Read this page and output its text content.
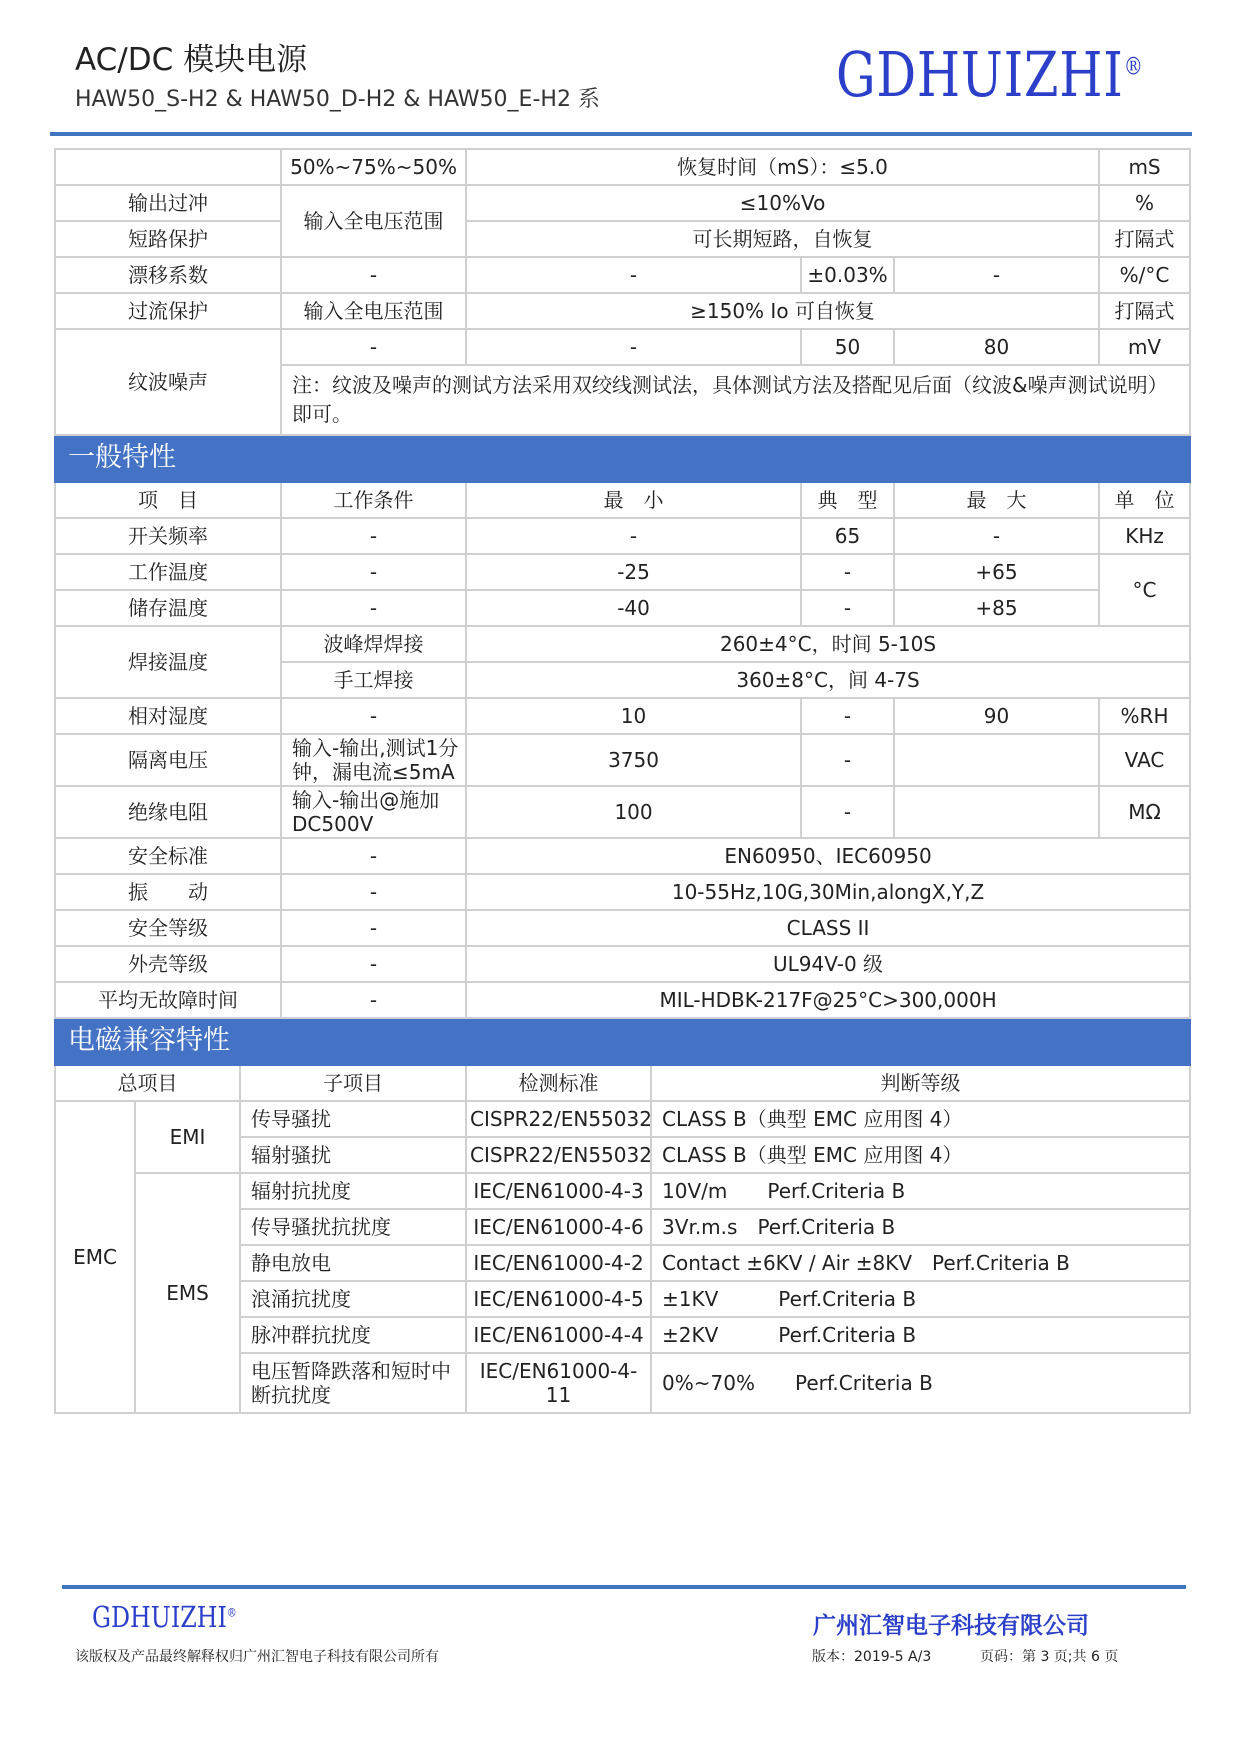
AC/DC 模块电源
HAW50_S-H2 & HAW50_D-H2 & HAW50_E-H2 系	GDHUIZHI®
			50%~75%~50%	恢复时间（mS）：≤5.0				mS
输出过冲			输入全电压范围	≤10%Vo				%
短路保护				可长期短路，自恢复				打隔式
漂移系数			-	-		±0.03%	-	%/°C
过流保护			输入全电压范围	≥150% Io 可自恢复				打隔式
纹波噪声			-	-		50	80	mV
			注：纹波及噪声的测试方法采用双绞线测试法，具体测试方法及搭配见后面（纹波&噪声测试说明）即可。					
一般特性								
项　目			工作条件	最　小		典　型	最　大	单　位
开关频率			-	-		65	-	KHz
工作温度			-	-25		-	+65	°C
储存温度			-	-40		-	+85	
焊接温度			波峰焊焊接	260±4°C，时间 5-10S				
			手工焊接	360±8°C，间 4-7S				
相对湿度			-	10		-	90	%RH
隔离电压			输入-输出,测试1分钟，漏电流≤5mA	3750		-		VAC
绝缘电阻			输入-输出@施加DC500V	100		-		MΩ
安全标准			-	EN60950、IEC60950				
振　　动			-	10-55Hz,10G,30Min,alongX,Y,Z				
安全等级			-	CLASS II				
外壳等级			-	UL94V-0 级				
平均无故障时间			-	MIL-HDBK-217F@25°C>300,000H				
电磁兼容特性								
总项目		子项目		检测标准	判断等级			
EMC	EMI	传导骚扰		CISPR22/EN55032	CLASS B（典型 EMC 应用图 4）			
		辐射骚扰		CISPR22/EN55032	CLASS B（典型 EMC 应用图 4）			
	EMS	辐射抗扰度		IEC/EN61000-4-3	10V/m　　Perf.Criteria B			
		传导骚扰抗扰度		IEC/EN61000-4-6	3Vr.m.s　Perf.Criteria B			
		静电放电		IEC/EN61000-4-2	Contact ±6KV / Air ±8KV　Perf.Criteria B			
		浪涌抗扰度		IEC/EN61000-4-5	±1KV　　　Perf.Criteria B			
		脉冲群抗扰度		IEC/EN61000-4-4	±2KV　　　Perf.Criteria B			
		电压暂降跌落和短时中断抗扰度		IEC/EN61000-4-11	0%~70%　　Perf.Criteria B			
GDHUIZHI®
广州汇智电子科技有限公司
该版权及产品最终解释权归广州汇智电子科技有限公司所有	版本：2019-5 A/3	页码：第 3 页;共 6 页
